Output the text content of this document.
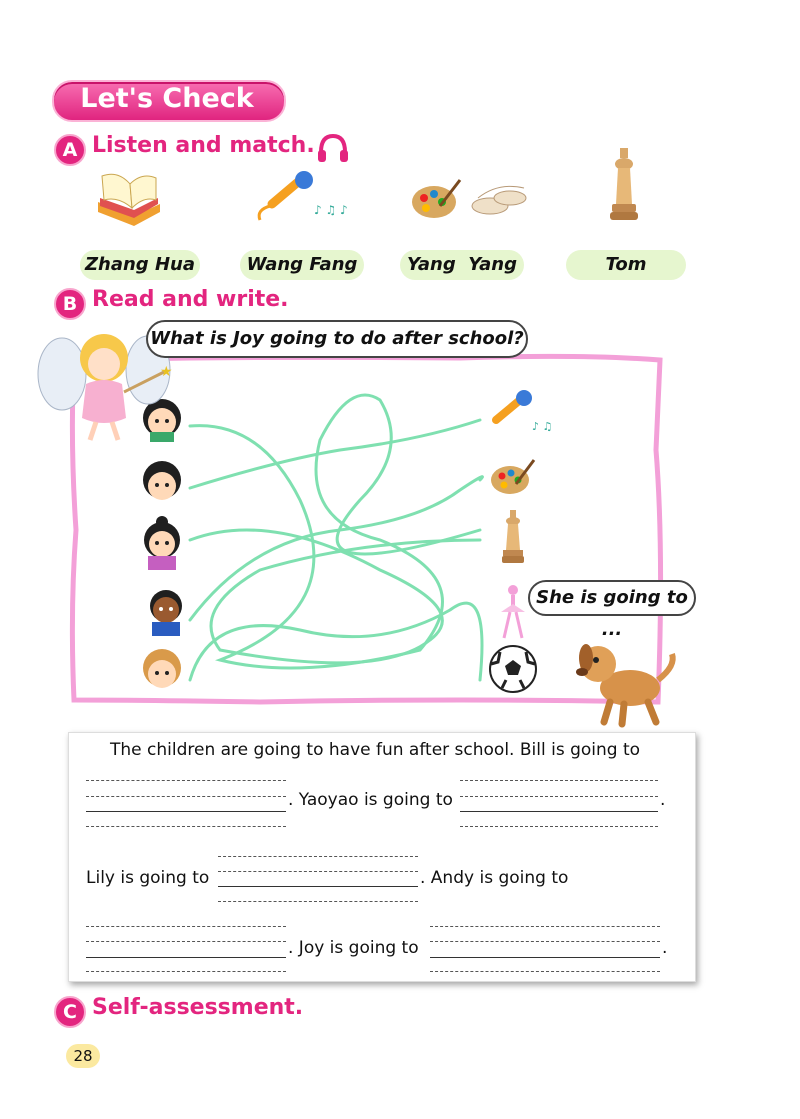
Let's Check
A Listen and match.
♪ ♫ ♪
Zhang Hua	Wang Fang	Yang  Yang	Tom
B Read and write.
♪ ♫
★
What is Joy going to do after school?
She is going to ...
The children are going to have fun after school. Bill is going to
. Yaoyao is going to	.
Lily is going to	. Andy is going to
. Joy is going to	.
C Self-assessment.
28
